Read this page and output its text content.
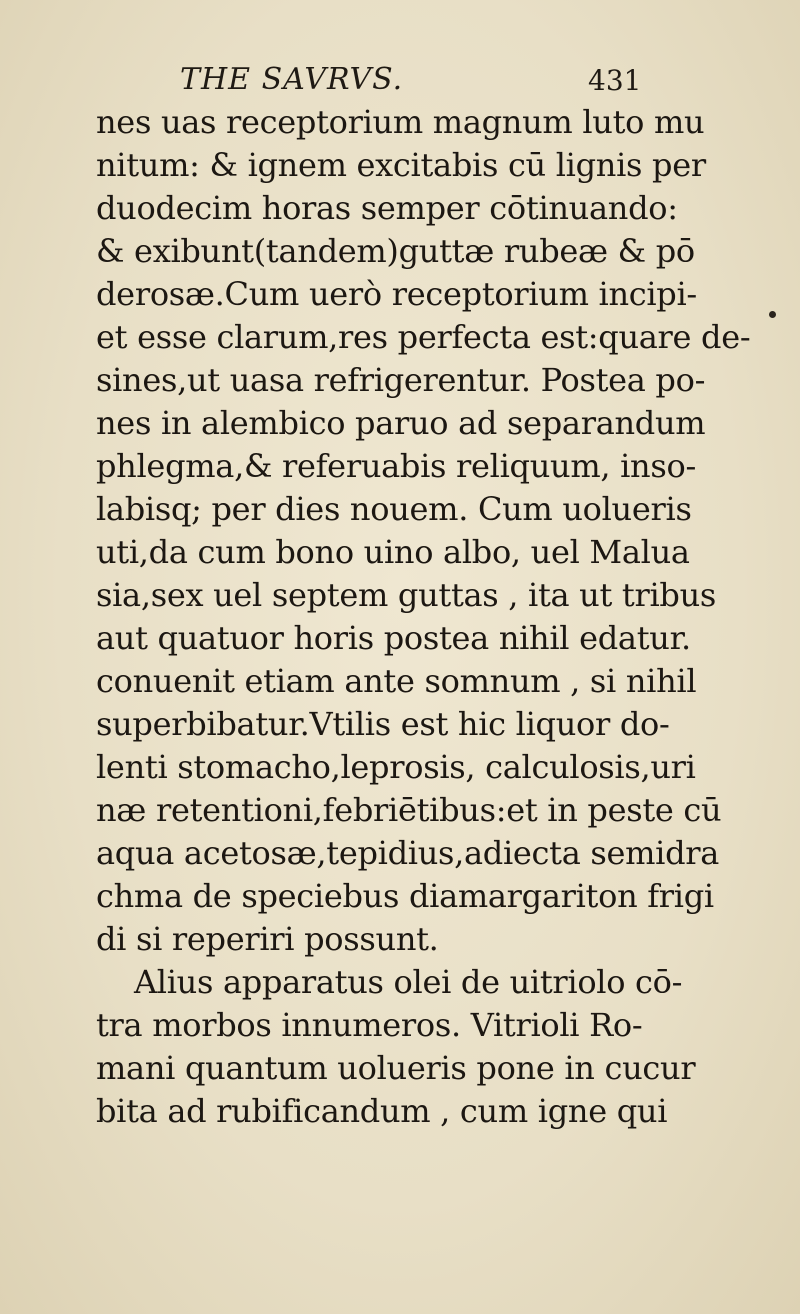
THE SAVRVS.	431
nes uas receptorium magnum luto mu
nitum: & ignem excitabis cū lignis per
duodecim horas semper cōtinuando:
& exibunt(tandem)guttæ rubeæ & pō
derosæ.Cum uerò receptorium incipi-
et esse clarum,res perfecta est:quare de-
sines,ut uasa refrigerentur. Postea po-
nes in alembico paruo ad separandum
phlegma,& referuabis reliquum, inso-
labisq; per dies nouem. Cum uolueris
uti,da cum bono uino albo, uel Malua
sia,sex uel septem guttas , ita ut tribus
aut quatuor horis postea nihil edatur.
conuenit etiam ante somnum , si nihil
superbibatur.Vtilis est hic liquor do-
lenti stomacho,leprosis, calculosis,uri
næ retentioni,febriētibus:et in peste cū
aqua acetosæ,tepidius,adiecta semidra
chma de speciebus diamargariton frigi
di si reperiri possunt.
Alius apparatus olei de uitriolo cō-
tra morbos innumeros. Vitrioli Ro-
mani quantum uolueris pone in cucur
bita ad rubificandum , cum igne qui
